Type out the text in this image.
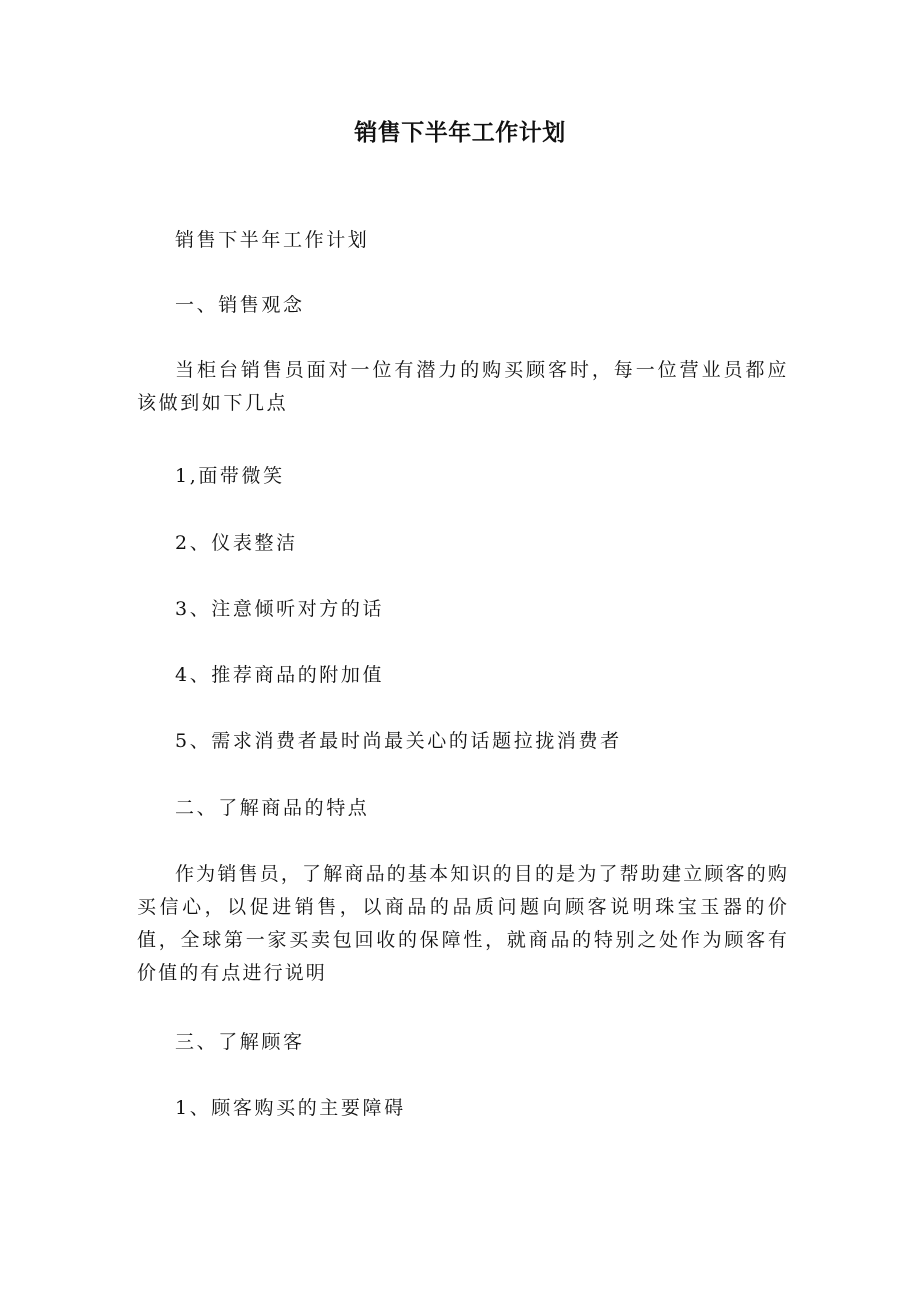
销售下半年工作计划

销售下半年工作计划

一、销售观念

当柜台销售员面对一位有潜力的购买顾客时，每一位营业员都应该做到如下几点

1,面带微笑

2、仪表整洁

3、注意倾听对方的话

4、推荐商品的附加值

5、需求消费者最时尚最关心的话题拉拢消费者

二、了解商品的特点

作为销售员，了解商品的基本知识的目的是为了帮助建立顾客的购买信心，以促进销售，以商品的品质问题向顾客说明珠宝玉器的价值，全球第一家买卖包回收的保障性，就商品的特别之处作为顾客有价值的有点进行说明

三、了解顾客

1、顾客购买的主要障碍
